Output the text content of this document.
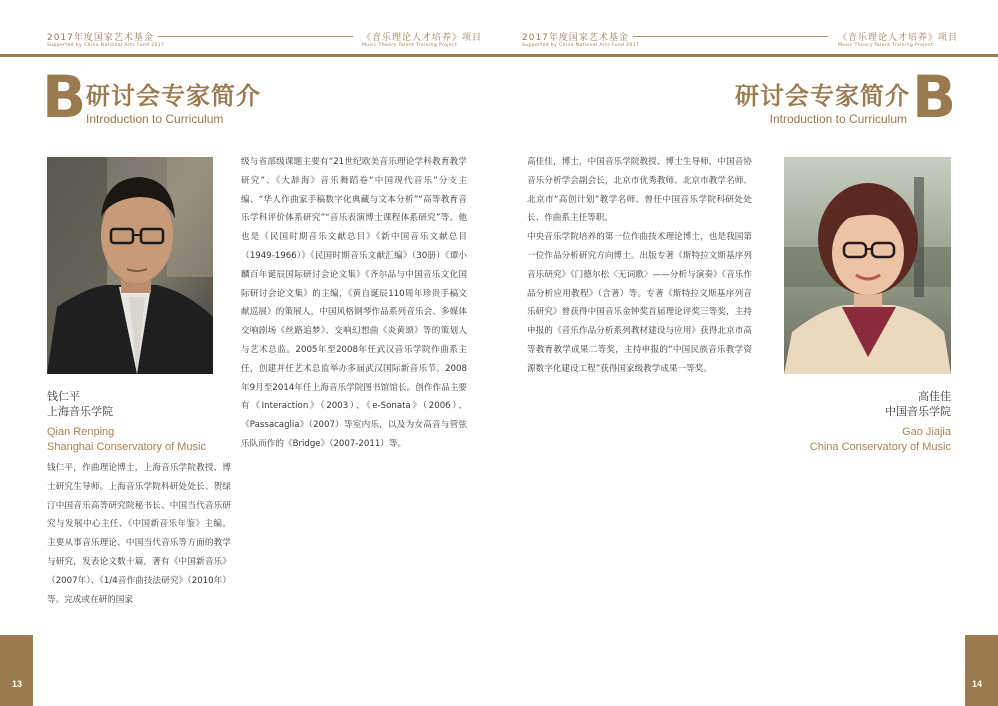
2017年度国家艺术基金
Supported by China National Arts Fund 2017
《音乐理论人才培养》项目
Music Theory Talent Training Project
2017年度国家艺术基金
Supported by China National Arts Fund 2017
《音乐理论人才培养》项目
Music Theory Talent Training Project
B 研讨会专家简介
Introduction to Curriculum
研讨会专家简介
Introduction to Curriculum B
钱仁平
上海音乐学院
Qian Renping
Shanghai Conservatory of Music
钱仁平，作曲理论博士，上海音乐学院教授、博士研究生导师。上海音乐学院科研处处长、贺绿汀中国音乐高等研究院秘书长、中国当代音乐研究与发展中心主任、《中国新音乐年鉴》主编。主要从事音乐理论、中国当代音乐等方面的教学与研究，发表论文数十篇，著有《中国新音乐》（2007年）、《1/4音作曲技法研究》（2010年）等。完成或在研的国家
级与省部级课题主要有“21世纪欧美音乐理论学科教育教学研究”、《大辞海》音乐舞蹈卷“中国现代音乐”分支主编、“华人作曲家手稿数字化典藏与文本分析”“高等教育音乐学科评价体系研究”“音乐表演博士课程体系研究”等。他也是《民国时期音乐文献总目》《新中国音乐文献总目（1949-1966）》《民国时期音乐文献汇编》（30册）《谭小麟百年诞辰国际研讨会论文集》《齐尔品与中国音乐文化国际研讨会论文集》的主编，《黄自诞辰110周年珍贵手稿文献巡展》的策展人，中国风格钢琴作品系列音乐会、多媒体交响剧场《丝路追梦》、交响幻想曲《炎黄颂》等的策划人与艺术总监。2005年至2008年任武汉音乐学院作曲系主任，创建并任艺术总监举办多届武汉国际新音乐节。2008年9月至2014年任上海音乐学院图书馆馆长。创作作品主要有《Interaction》（2003）、《e-Sonata》（2006）、《Passacaglia》（2007）等室内乐，以及为女高音与管弦乐队而作的《Bridge》（2007-2011）等。
高佳佳，博士，中国音乐学院教授、博士生导师，中国音协音乐分析学会副会长，北京市优秀教师、北京市教学名师、北京市“高创计划”教学名师。曾任中国音乐学院科研处处长、作曲系主任等职。
中央音乐学院培养的第一位作曲技术理论博士，也是我国第一位作品分析研究方向博士。出版专著《斯特拉文斯基序列音乐研究》《门德尔松〈无词歌〉——分析与演奏》《音乐作品分析应用教程》（合著）等。专著《斯特拉文斯基序列音乐研究》曾获得中国音乐金钟奖首届理论评奖三等奖，主持申报的《音乐作品分析系列教材建设与应用》获得北京市高等教育教学成果二等奖，主持申报的“中国民族音乐教学资源数字化建设工程”获得国家级教学成果一等奖。
高佳佳
中国音乐学院
Gao Jiajia
China Conservatory of Music
13	14
